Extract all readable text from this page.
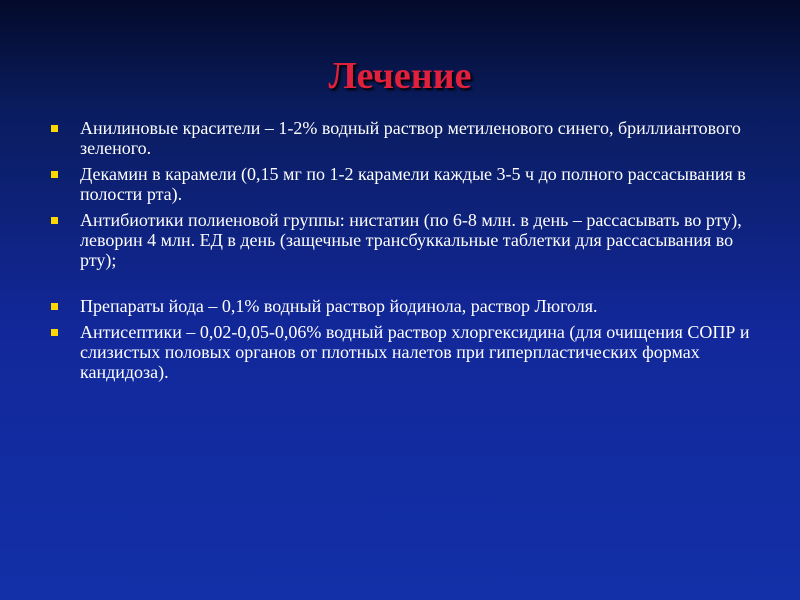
Лечение
Анилиновые красители – 1-2% водный раствор метиленового синего, бриллиантового зеленого.
Декамин в карамели (0,15 мг по 1-2 карамели каждые 3-5 ч до полного рассасывания в полости рта).
Антибиотики полиеновой группы: нистатин (по 6-8 млн. в день – рассасывать во рту), леворин 4 млн. ЕД в день (защечные трансбуккальные таблетки для рассасывания во рту);
Препараты йода – 0,1% водный раствор йодинола, раствор Люголя.
Антисептики – 0,02-0,05-0,06% водный раствор хлоргексидина (для очищения СОПР и слизистых половых органов от плотных налетов при гиперпластических формах кандидоза).
